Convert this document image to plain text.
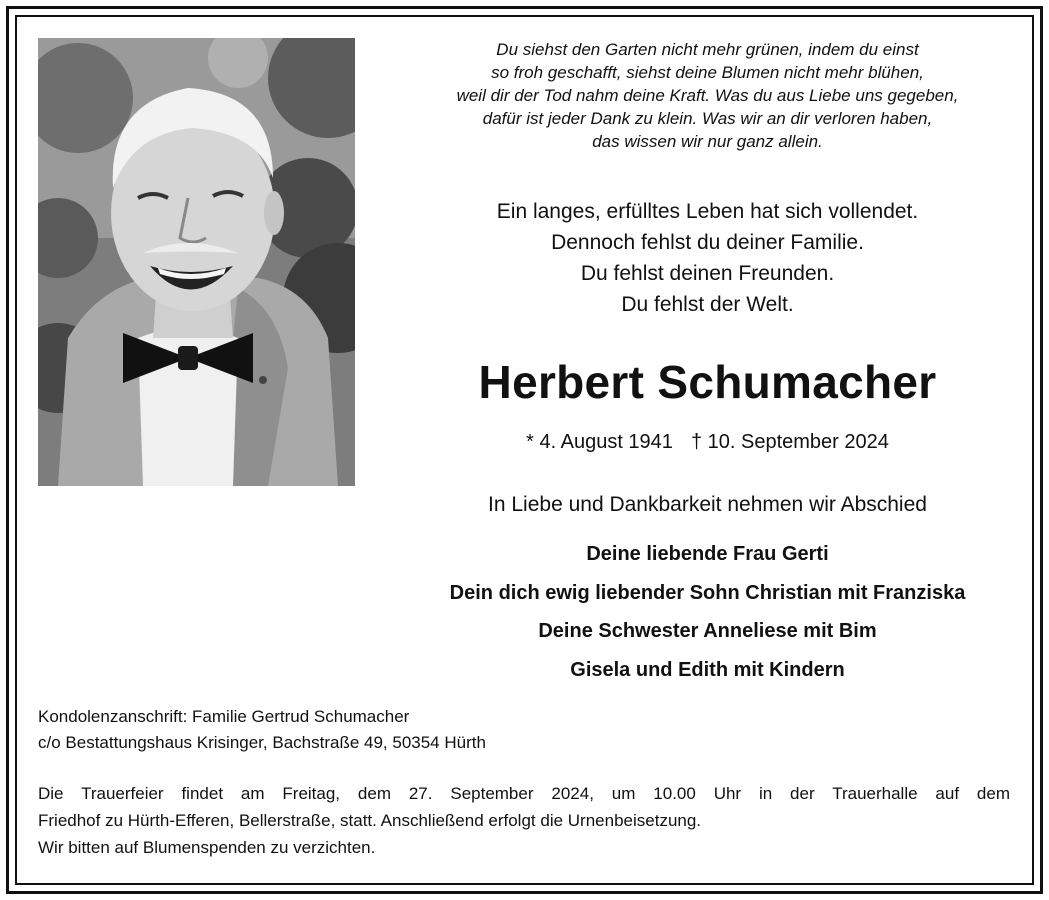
Du siehst den Garten nicht mehr grünen, indem du einst
so froh geschafft, siehst deine Blumen nicht mehr blühen,
weil dir der Tod nahm deine Kraft. Was du aus Liebe uns gegeben,
dafür ist jeder Dank zu klein. Was wir an dir verloren haben,
das wissen wir nur ganz allein.
Ein langes, erfülltes Leben hat sich vollendet.
Dennoch fehlst du deiner Familie.
Du fehlst deinen Freunden.
Du fehlst der Welt.
Herbert Schumacher
* 4. August 1941 † 10. September 2024
In Liebe und Dankbarkeit nehmen wir Abschied
Deine liebende Frau Gerti
Dein dich ewig liebender Sohn Christian mit Franziska
Deine Schwester Anneliese mit Bim
Gisela und Edith mit Kindern
Kondolenzanschrift: Familie Gertrud Schumacher
c/o Bestattungshaus Krisinger, Bachstraße 49, 50354 Hürth
Die Trauerfeier findet am Freitag, dem 27. September 2024, um 10.00 Uhr in der Trauerhalle auf dem
Friedhof zu Hürth-Efferen, Bellerstraße, statt. Anschließend erfolgt die Urnenbeisetzung.
Wir bitten auf Blumenspenden zu verzichten.
